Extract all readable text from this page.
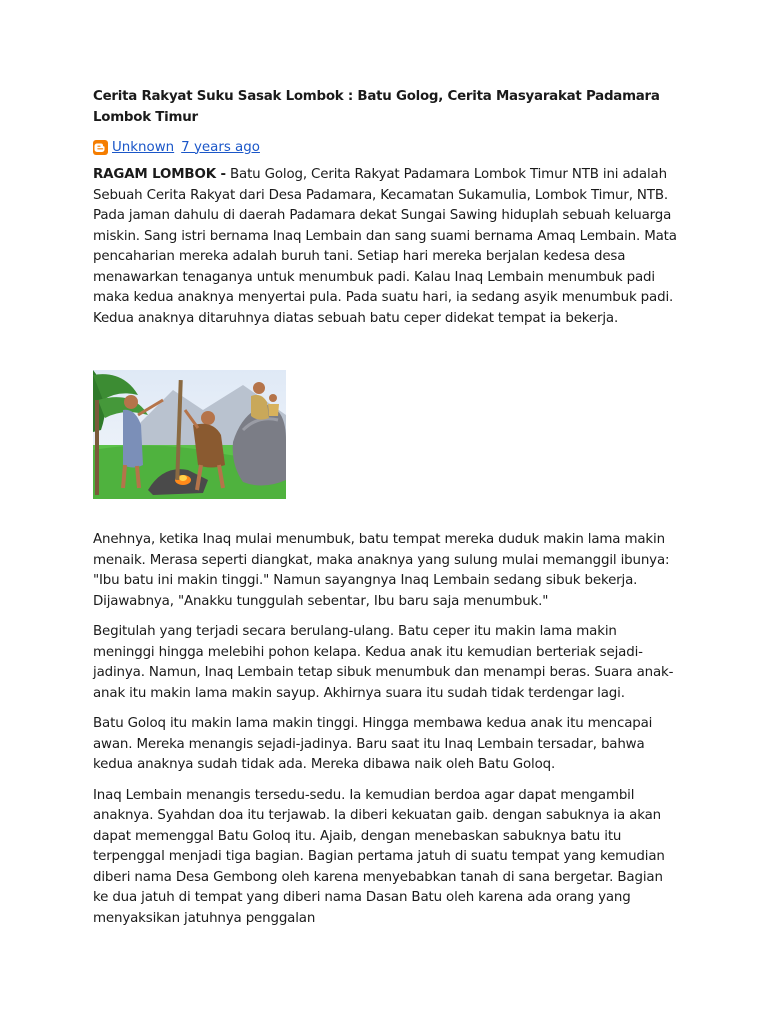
Cerita Rakyat Suku Sasak Lombok : Batu Golog, Cerita Masyarakat Padamara Lombok Timur
Unknown 7 years ago

RAGAM LOMBOK - Batu Golog, Cerita Rakyat Padamara Lombok Timur NTB ini adalah Sebuah Cerita Rakyat dari Desa Padamara, Kecamatan Sukamulia, Lombok Timur, NTB. Pada jaman dahulu di daerah Padamara dekat Sungai Sawing hiduplah sebuah keluarga miskin. Sang istri bernama Inaq Lembain dan sang suami bernama Amaq Lembain. Mata pencaharian mereka adalah buruh tani. Setiap hari mereka berjalan kedesa desa menawarkan tenaganya untuk menumbuk padi. Kalau Inaq Lembain menumbuk padi maka kedua anaknya menyertai pula. Pada suatu hari, ia sedang asyik menumbuk padi. Kedua anaknya ditaruhnya diatas sebuah batu ceper didekat tempat ia bekerja.

Anehnya, ketika Inaq mulai menumbuk, batu tempat mereka duduk makin lama makin menaik. Merasa seperti diangkat, maka anaknya yang sulung mulai memanggil ibunya: "Ibu batu ini makin tinggi." Namun sayangnya Inaq Lembain sedang sibuk bekerja. Dijawabnya, "Anakku tunggulah sebentar, Ibu baru saja menumbuk."

Begitulah yang terjadi secara berulang-ulang. Batu ceper itu makin lama makin meninggi hingga melebihi pohon kelapa. Kedua anak itu kemudian berteriak sejadi-jadinya. Namun, Inaq Lembain tetap sibuk menumbuk dan menampi beras. Suara anak-anak itu makin lama makin sayup. Akhirnya suara itu sudah tidak terdengar lagi.

Batu Goloq itu makin lama makin tinggi. Hingga membawa kedua anak itu mencapai awan. Mereka menangis sejadi-jadinya. Baru saat itu Inaq Lembain tersadar, bahwa kedua anaknya sudah tidak ada. Mereka dibawa naik oleh Batu Goloq.

Inaq Lembain menangis tersedu-sedu. Ia kemudian berdoa agar dapat mengambil anaknya. Syahdan doa itu terjawab. Ia diberi kekuatan gaib. dengan sabuknya ia akan dapat memenggal Batu Goloq itu. Ajaib, dengan menebaskan sabuknya batu itu terpenggal menjadi tiga bagian. Bagian pertama jatuh di suatu tempat yang kemudian diberi nama Desa Gembong oleh karena menyebabkan tanah di sana bergetar. Bagian ke dua jatuh di tempat yang diberi nama Dasan Batu oleh karena ada orang yang menyaksikan jatuhnya penggalan
